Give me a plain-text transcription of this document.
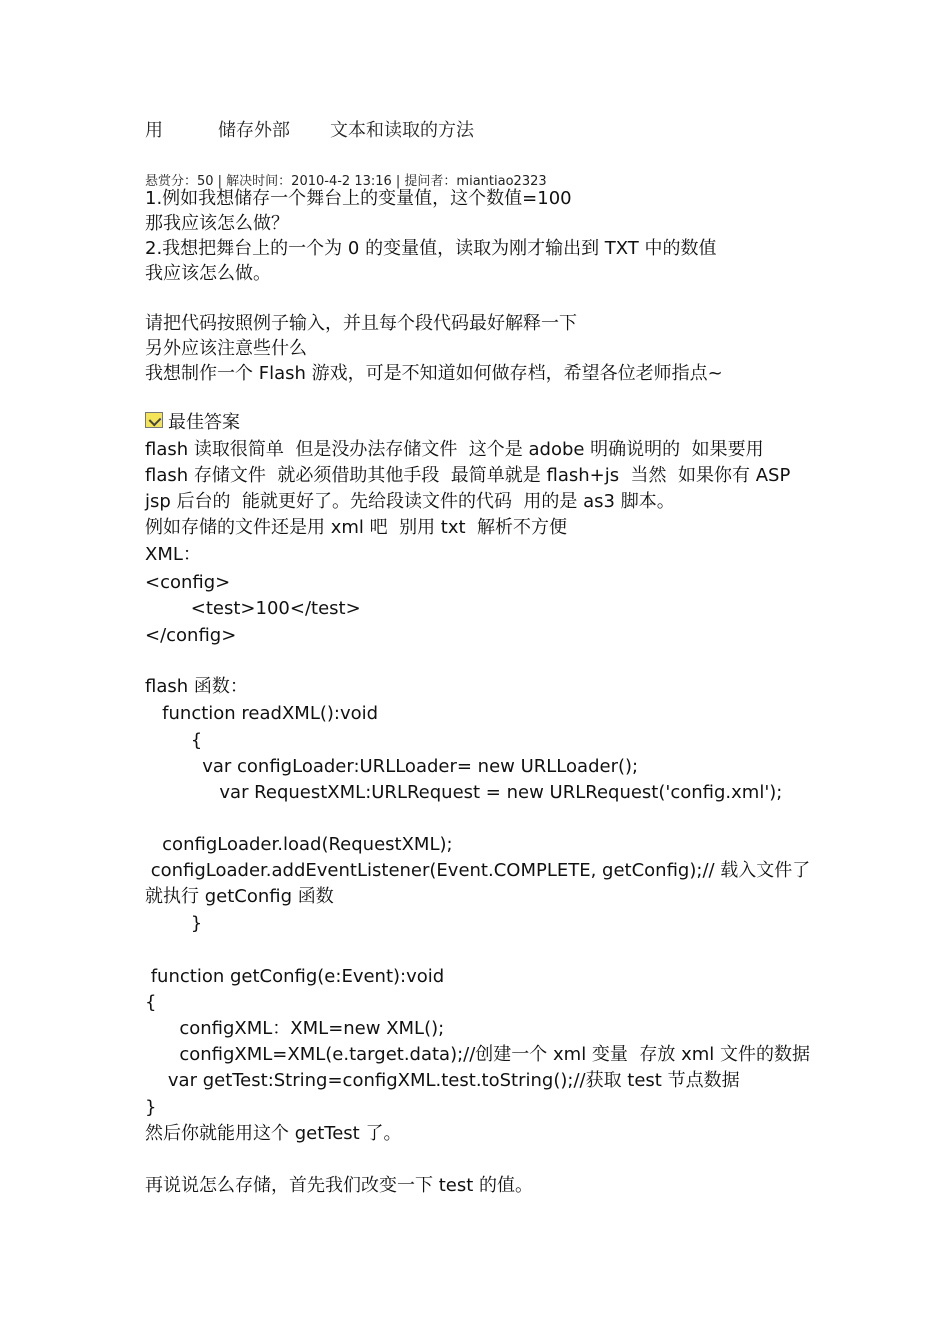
用	储存外部 文本和读取的方法
悬赏分：50 | 解决时间：2010-4-2 13:16 | 提问者：miantiao2323
1.例如我想储存一个舞台上的变量值，这个数值=100
那我应该怎么做？
2.我想把舞台上的一个为 0 的变量值，读取为刚才输出到 TXT 中的数值
我应该怎么做。
请把代码按照例子输入，并且每个段代码最好解释一下
另外应该注意些什么
我想制作一个 Flash 游戏，可是不知道如何做存档，希望各位老师指点~
最佳答案
flash 读取很简单  但是没办法存储文件  这个是 adobe 明确说明的  如果要用
flash 存储文件  就必须借助其他手段  最简单就是 flash+js  当然  如果你有 ASP
jsp 后台的  能就更好了。先给段读文件的代码  用的是 as3 脚本。
例如存储的文件还是用 xml 吧  别用 txt  解析不方便
XML：
<config>
<test>100</test>
</config>
flash 函数：
function readXML():void
{
var configLoader:URLLoader= new URLLoader();
var RequestXML:URLRequest = new URLRequest('config.xml');
configLoader.load(RequestXML);
configLoader.addEventListener(Event.COMPLETE, getConfig);// 载入文件了
就执行 getConfig 函数
}
function getConfig(e:Event):void
{
configXML：XML=new XML();
configXML=XML(e.target.data);//创建一个 xml 变量  存放 xml 文件的数据
var getTest:String=configXML.test.toString();//获取 test 节点数据
}
然后你就能用这个 getTest 了。
再说说怎么存储，首先我们改变一下 test 的值。
